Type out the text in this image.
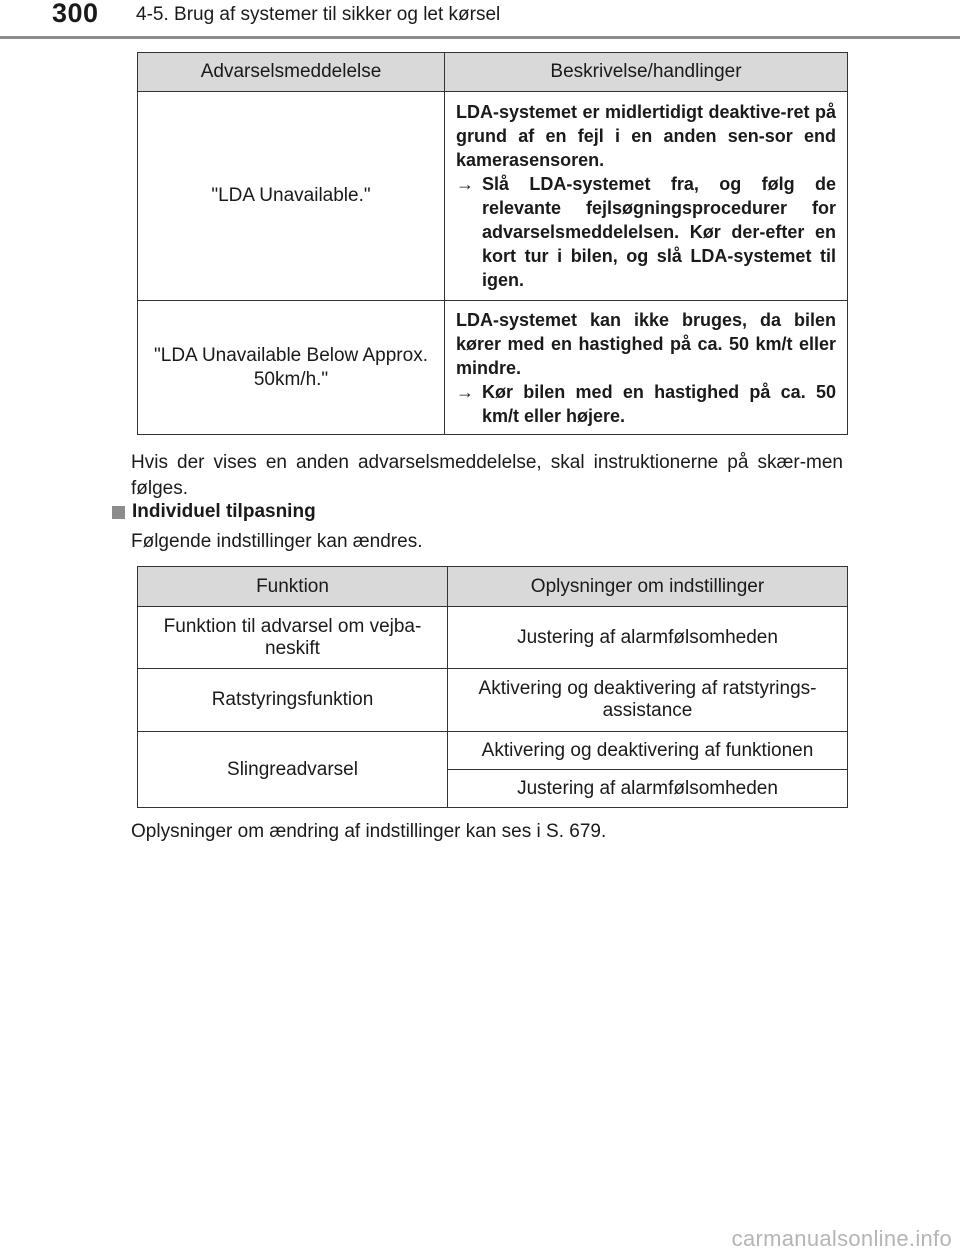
300 4-5. Brug af systemer til sikker og let kørsel
Advarselsmeddelelse	Beskrivelse/handlinger
"LDA Unavailable."	LDA-systemet er midlertidigt deaktive-ret på grund af en fejl i en anden sen-sor end kamerasensoren.
→ Slå LDA-systemet fra, og følg de relevante fejlsøgningsprocedurer for advarselsmeddelelsen. Kør der-efter en kort tur i bilen, og slå LDA-systemet til igen.

"LDA Unavailable Below Approx. 50km/h."	LDA-systemet kan ikke bruges, da bilen kører med en hastighed på ca. 50 km/t eller mindre.
→ Kør bilen med en hastighed på ca. 50 km/t eller højere.
Hvis der vises en anden advarselsmeddelelse, skal instruktionerne på skær-men følges.
Individuel tilpasning
Følgende indstillinger kan ændres.
Funktion	Oplysninger om indstillinger
Funktion til advarsel om vejba-neskift	Justering af alarmfølsomheden
Ratstyringsfunktion	Aktivering og deaktivering af ratstyrings-assistance
Slingreadvarsel	Aktivering og deaktivering af funktionen
	Justering af alarmfølsomheden
Oplysninger om ændring af indstillinger kan ses i S. 679.
carmanualsonline.info
